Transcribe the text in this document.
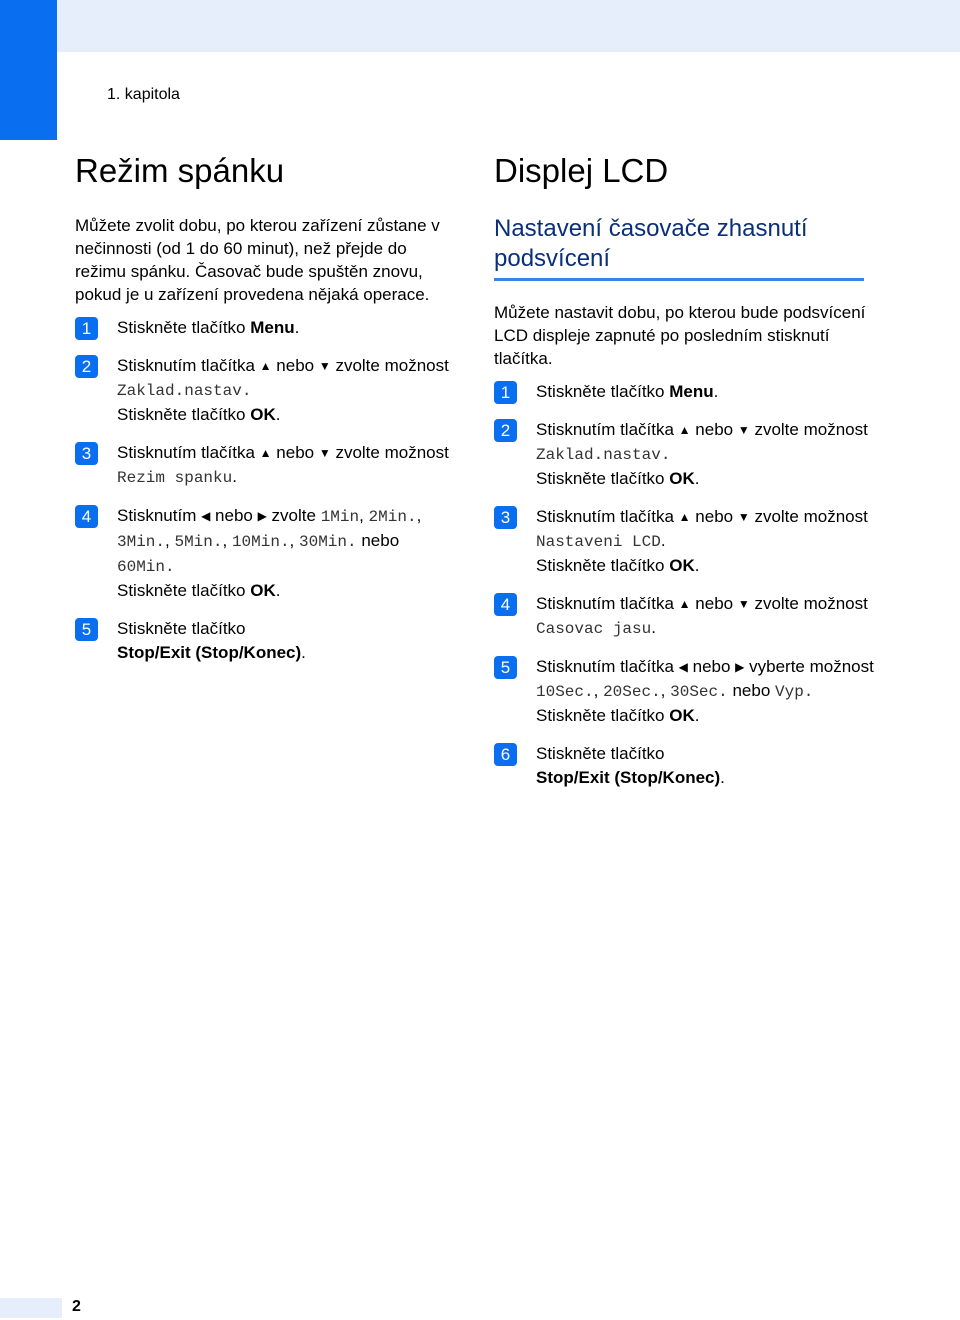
1. kapitola
Režim spánku

Můžete zvolit dobu, po kterou zařízení zůstane v nečinnosti (od 1 do 60 minut), než přejde do režimu spánku. Časovač bude spuštěn znovu, pokud je u zařízení provedena nějaká operace.

1	Stiskněte tlačítko Menu.
2	Stisknutím tlačítka ▲ nebo ▼ zvolte možnost Zaklad.nastav.
Stiskněte tlačítko OK.
3	Stisknutím tlačítka ▲ nebo ▼ zvolte možnost Rezim spanku.
4	Stisknutím ◀ nebo ▶ zvolte 1Min, 2Min., 3Min., 5Min., 10Min., 30Min. nebo 60Min.
Stiskněte tlačítko OK.
5	Stiskněte tlačítko
Stop/Exit (Stop/Konec).
Displej LCD
Nastavení časovače zhasnutí podsvícení

Můžete nastavit dobu, po kterou bude podsvícení LCD displeje zapnuté po posledním stisknutí tlačítka.

1	Stiskněte tlačítko Menu.
2	Stisknutím tlačítka ▲ nebo ▼ zvolte možnost Zaklad.nastav.
Stiskněte tlačítko OK.
3	Stisknutím tlačítka ▲ nebo ▼ zvolte možnost Nastaveni LCD.
Stiskněte tlačítko OK.
4	Stisknutím tlačítka ▲ nebo ▼ zvolte možnost Casovac jasu.
5	Stisknutím tlačítka ◀ nebo ▶ vyberte možnost 10Sec., 20Sec., 30Sec. nebo Vyp.
Stiskněte tlačítko OK.
6	Stiskněte tlačítko
Stop/Exit (Stop/Konec).
2
